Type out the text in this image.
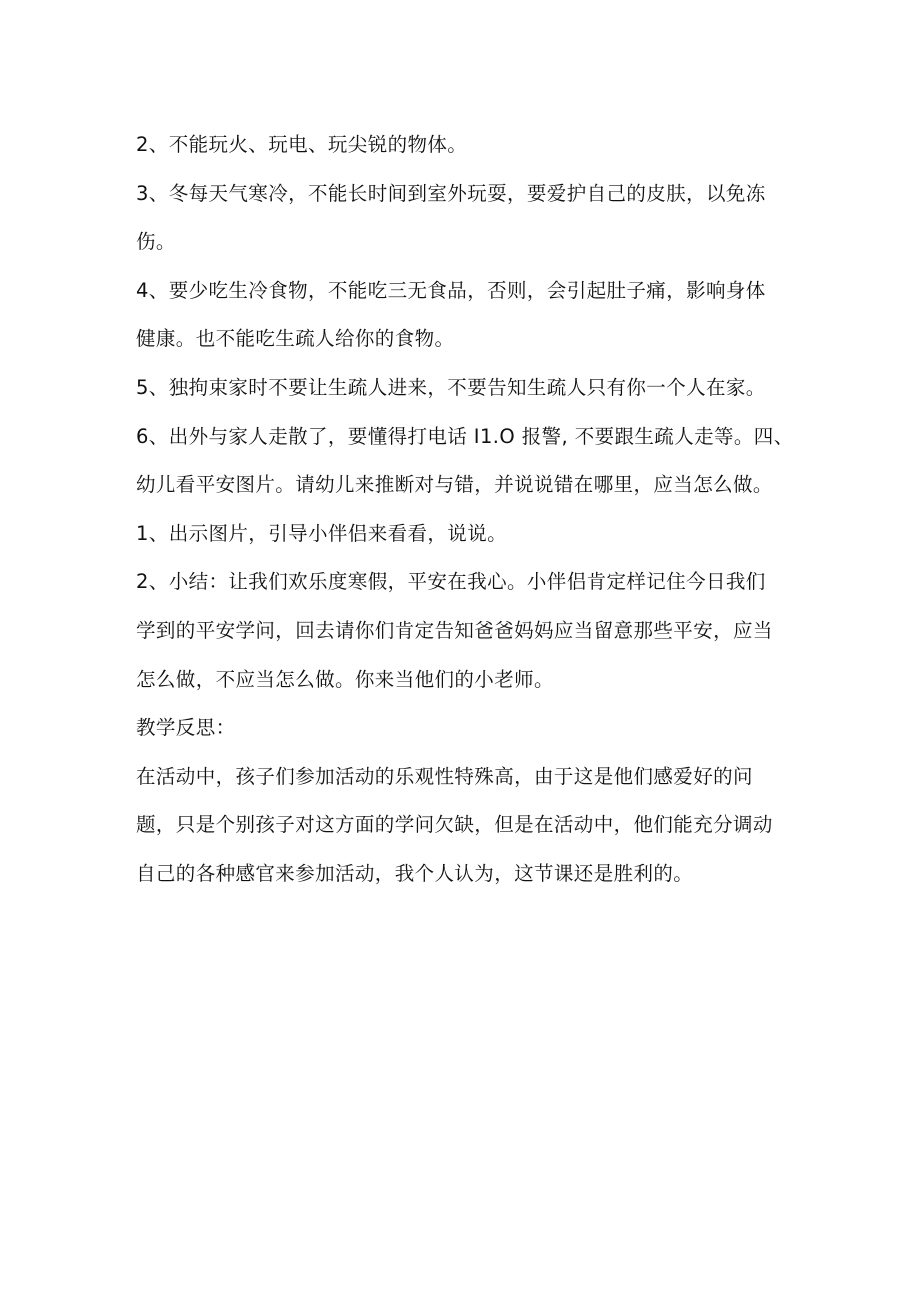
2、不能玩火、玩电、玩尖锐的物体。
3、冬每天气寒冷，不能长时间到室外玩耍，要爱护自己的皮肤，以免冻
伤。
4、要少吃生冷食物，不能吃三无食品，否则，会引起肚子痛，影响身体
健康。也不能吃生疏人给你的食物。
5、独拘束家时不要让生疏人进来，不要告知生疏人只有你一个人在家。
6、出外与家人走散了，要懂得打电话 I1.O 报警, 不要跟生疏人走等。四、
幼儿看平安图片。请幼儿来推断对与错，并说说错在哪里，应当怎么做。
1、出示图片，引导小伴侣来看看，说说。
2、小结：让我们欢乐度寒假，平安在我心。小伴侣肯定样记住今日我们
学到的平安学问，回去请你们肯定告知爸爸妈妈应当留意那些平安，应当
怎么做，不应当怎么做。你来当他们的小老师。
教学反思：
在活动中，孩子们参加活动的乐观性特殊高，由于这是他们感爱好的问
题，只是个别孩子对这方面的学问欠缺，但是在活动中，他们能充分调动
自己的各种感官来参加活动，我个人认为，这节课还是胜利的。
